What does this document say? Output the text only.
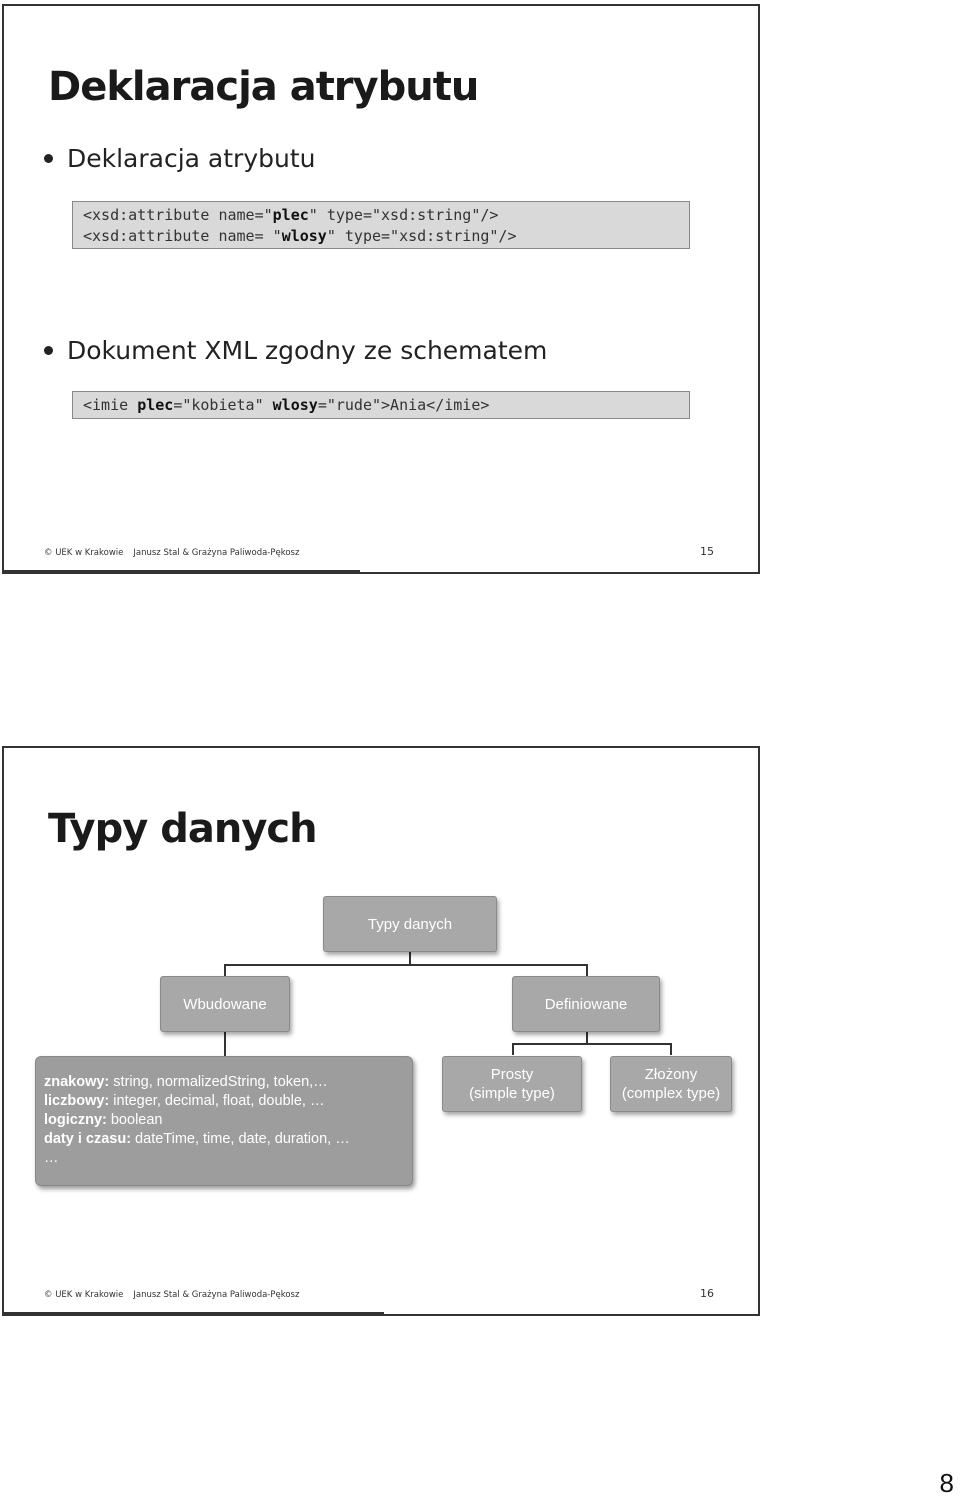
Deklaracja atrybutu
Deklaracja atrybutu
<xsd:attribute name="plec" type="xsd:string"/>
<xsd:attribute name= "wlosy" type="xsd:string"/>
Dokument XML zgodny ze schematem
<imie plec="kobieta" wlosy="rude">Ania</imie>
© UEK w Krakowie Janusz Stal & Grażyna Paliwoda-Pękosz	15
Typy danych
Typy danych
Wbudowane	Definiowane
znakowy: string, normalizedString, token,…
liczbowy: integer, decimal, float, double, …
logiczny: boolean
daty i czasu: dateTime, time, date, duration, …
…
Prosty
(simple type)
Złożony
(complex type)
© UEK w Krakowie Janusz Stal & Grażyna Paliwoda-Pękosz	16
8
